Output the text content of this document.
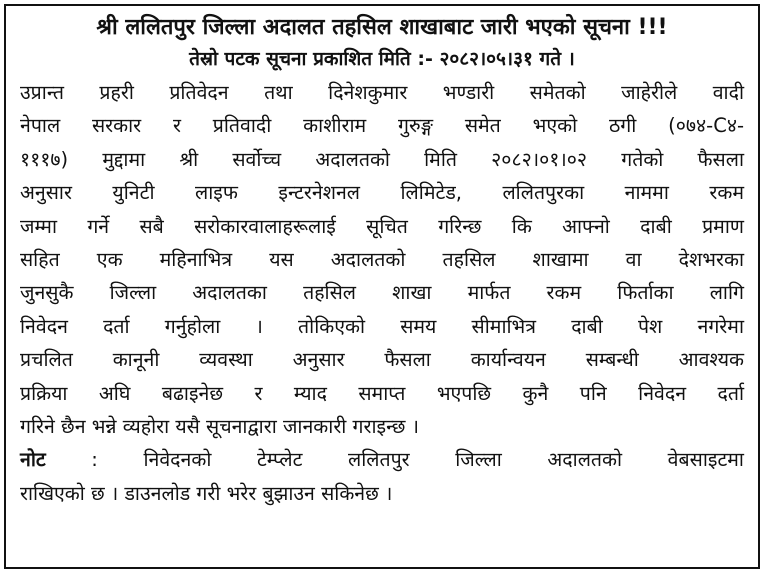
श्री ललितपुर जिल्ला अदालत तहसिल शाखाबाट जारी भएको सूचना !!!
तेस्रो पटक सूचना प्रकाशित मिति :- २०८२।०५।३१ गते ।
उप्रान्त प्रहरी प्रतिवेदन तथा दिनेशकुमार भण्डारी समेतको जाहेरीले वादी
नेपाल सरकार र प्रतिवादी काशीराम गुरुङ्ग समेत भएको ठगी (०७४-C४-
१११७) मुद्दामा श्री सर्वोच्च अदालतको मिति २०८२।०१।०२ गतेको फैसला
अनुसार युनिटी लाइफ इन्टरनेशनल लिमिटेड, ललितपुरका नाममा रकम
जम्मा गर्ने सबै सरोकारवालाहरूलाई सूचित गरिन्छ कि आफ्नो दाबी प्रमाण
सहित एक महिनाभित्र यस अदालतको तहसिल शाखामा वा देशभरका
जुनसुकै जिल्ला अदालतका तहसिल शाखा मार्फत रकम फिर्ताका लागि
निवेदन दर्ता गर्नुहोला । तोकिएको समय सीमाभित्र दाबी पेश नगरेमा
प्रचलित कानूनी व्यवस्था अनुसार फैसला कार्यान्वयन सम्बन्धी आवश्यक
प्रक्रिया अघि बढाइनेछ र म्याद समाप्त भएपछि कुनै पनि निवेदन दर्ता
गरिने छैन भन्ने व्यहोरा यसै सूचनाद्वारा जानकारी गराइन्छ ।
नोट : निवेदनको टेम्प्लेट ललितपुर जिल्ला अदालतको वेबसाइटमा
राखिएको छ । डाउनलोड गरी भरेर बुझाउन सकिनेछ ।
